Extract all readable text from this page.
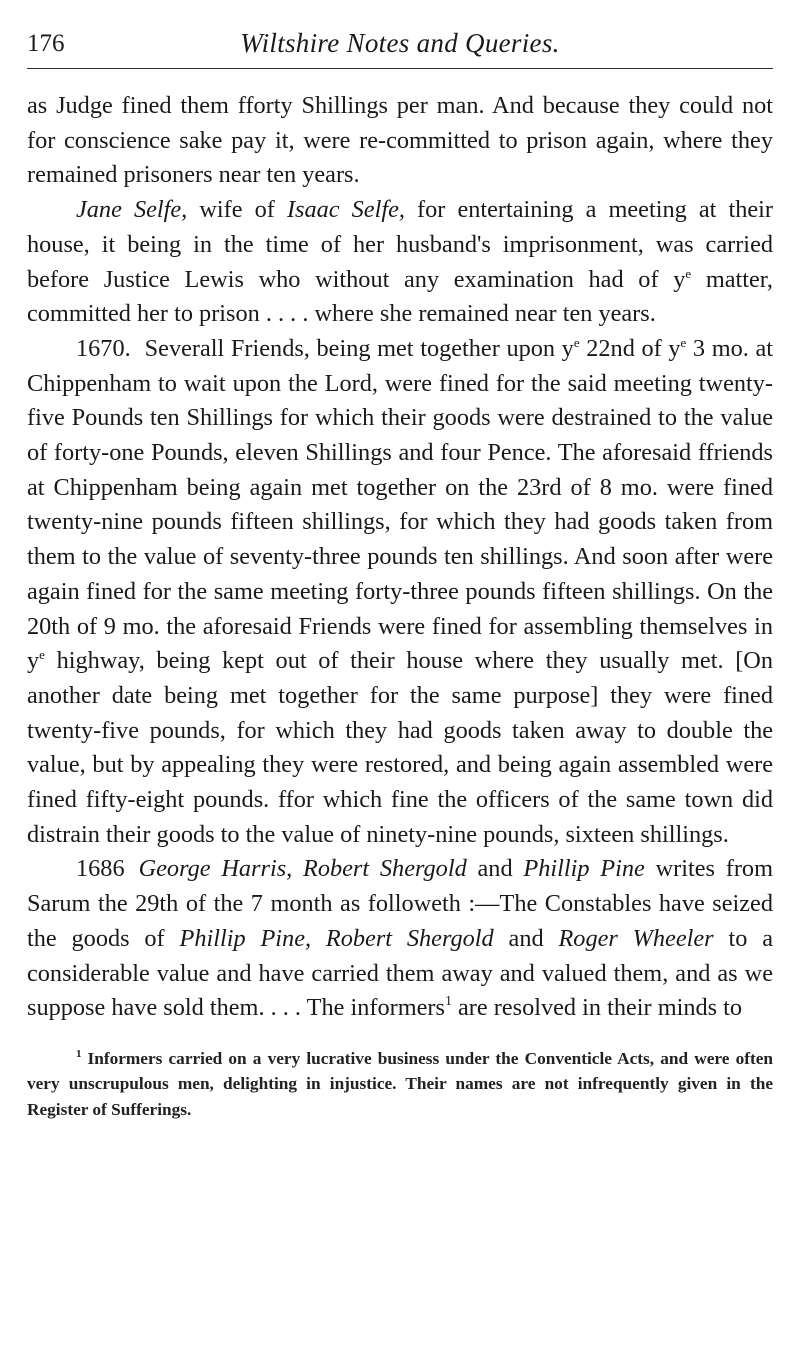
176	Wiltshire Notes and Queries.

as Judge fined them fforty Shillings per man. And because they could not for conscience sake pay it, were re-committed to prison again, where they remained prisoners near ten years.

Jane Selfe, wife of Isaac Selfe, for entertaining a meeting at their house, it being in the time of her husband's imprisonment, was carried before Justice Lewis who without any examination had of $y^e$ matter, committed her to prison . . . . where she remained near ten years.

1670. Severall Friends, being met together upon $y^e$ 22nd of $y^e$ 3 mo. at Chippenham to wait upon the Lord, were fined for the said meeting twenty-five Pounds ten Shillings for which their goods were destrained to the value of forty-one Pounds, eleven Shillings and four Pence. The aforesaid ffriends at Chippenham being again met together on the 23rd of 8 mo. were fined twenty-nine pounds fifteen shillings, for which they had goods taken from them to the value of seventy-three pounds ten shillings. And soon after were again fined for the same meeting forty-three pounds fifteen shillings. On the 20th of 9 mo. the aforesaid Friends were fined for assembling themselves in $y^e$ highway, being kept out of their house where they usually met. [On another date being met together for the same purpose] they were fined twenty-five pounds, for which they had goods taken away to double the value, but by appealing they were restored, and being again assembled were fined fifty-eight pounds. ffor which fine the officers of the same town did distrain their goods to the value of ninety-nine pounds, sixteen shillings.

1686 George Harris, Robert Shergold and Phillip Pine writes from Sarum the 29th of the 7 month as followeth :—The Constables have seized the goods of Phillip Pine, Robert Shergold and Roger Wheeler to a considerable value and have carried them away and valued them, and as we suppose have sold them. . . . The informers$^1$ are resolved in their minds to

$^1$ Informers carried on a very lucrative business under the Conventicle Acts, and were often very unscrupulous men, delighting in injustice. Their names are not infrequently given in the Register of Sufferings.
